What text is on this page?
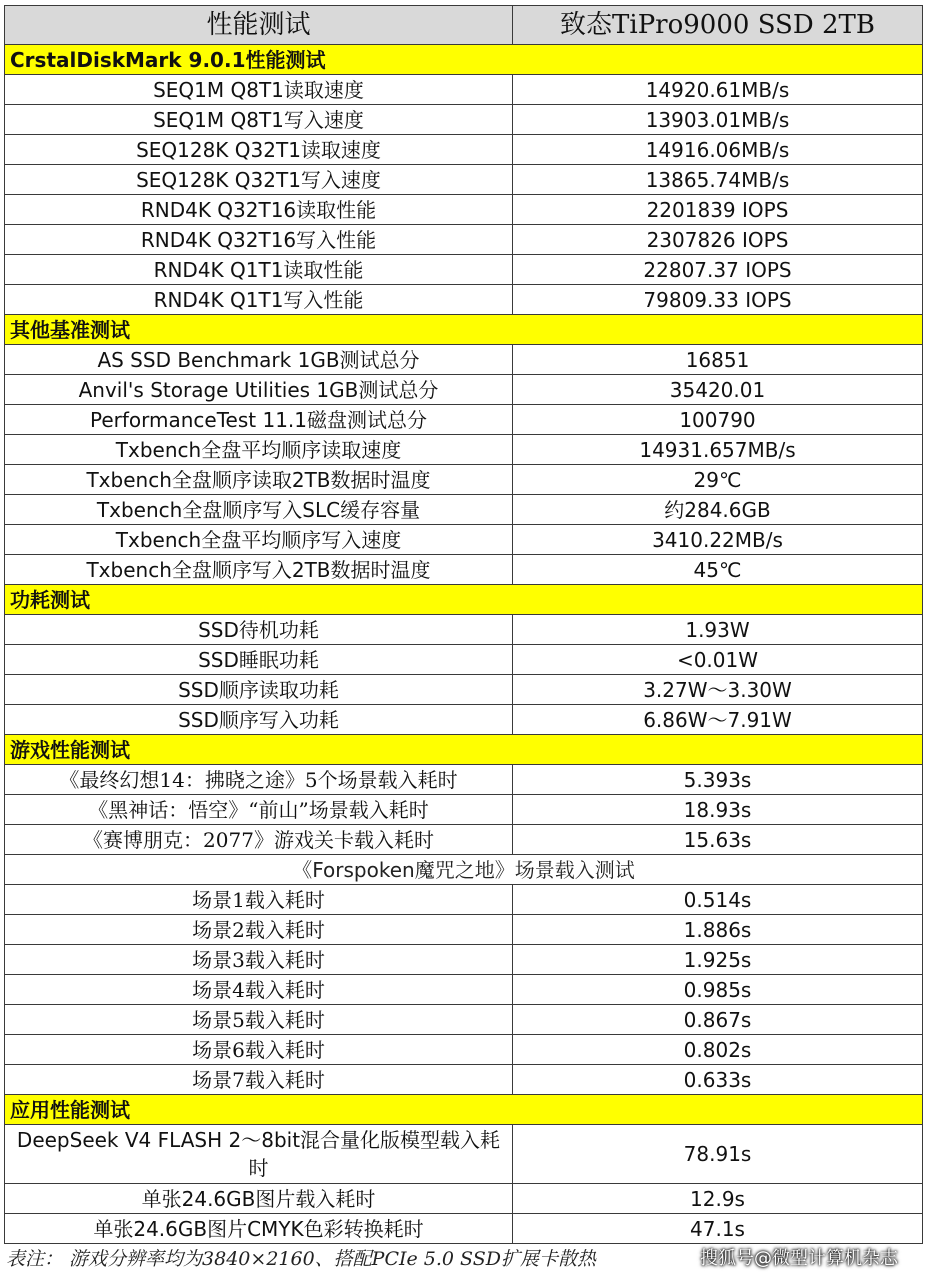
性能测试	致态TiPro9000 SSD 2TB
CrstalDiskMark 9.0.1性能测试	
SEQ1M Q8T1读取速度	14920.61MB/s
SEQ1M Q8T1写入速度	13903.01MB/s
SEQ128K Q32T1读取速度	14916.06MB/s
SEQ128K Q32T1写入速度	13865.74MB/s
RND4K Q32T16读取性能	2201839 IOPS
RND4K Q32T16写入性能	2307826 IOPS
RND4K Q1T1读取性能	22807.37 IOPS
RND4K Q1T1写入性能	79809.33 IOPS
其他基准测试	
AS SSD Benchmark 1GB测试总分	16851
Anvil's Storage Utilities 1GB测试总分	35420.01
PerformanceTest 11.1磁盘测试总分	100790
Txbench全盘平均顺序读取速度	14931.657MB/s
Txbench全盘顺序读取2TB数据时温度	29℃
Txbench全盘顺序写入SLC缓存容量	约284.6GB
Txbench全盘平均顺序写入速度	3410.22MB/s
Txbench全盘顺序写入2TB数据时温度	45℃
功耗测试	
SSD待机功耗	1.93W
SSD睡眠功耗	<0.01W
SSD顺序读取功耗	3.27W～3.30W
SSD顺序写入功耗	6.86W～7.91W
游戏性能测试	
《最终幻想14：拂晓之途》5个场景载入耗时	5.393s
《黑神话：悟空》“前山”场景载入耗时	18.93s
《赛博朋克：2077》游戏关卡载入耗时	15.63s
《Forspoken魔咒之地》场景载入测试	
场景1载入耗时	0.514s
场景2载入耗时	1.886s
场景3载入耗时	1.925s
场景4载入耗时	0.985s
场景5载入耗时	0.867s
场景6载入耗时	0.802s
场景7载入耗时	0.633s
应用性能测试	
DeepSeek V4 FLASH 2～8bit混合量化版模型载入耗时	78.91s
单张24.6GB图片载入耗时	12.9s
单张24.6GB图片CMYK色彩转换耗时	47.1s
表注： 游戏分辨率均为3840×2160、搭配PCIe 5.0 SSD扩展卡散热	搜狐号@微型计算机杂志
